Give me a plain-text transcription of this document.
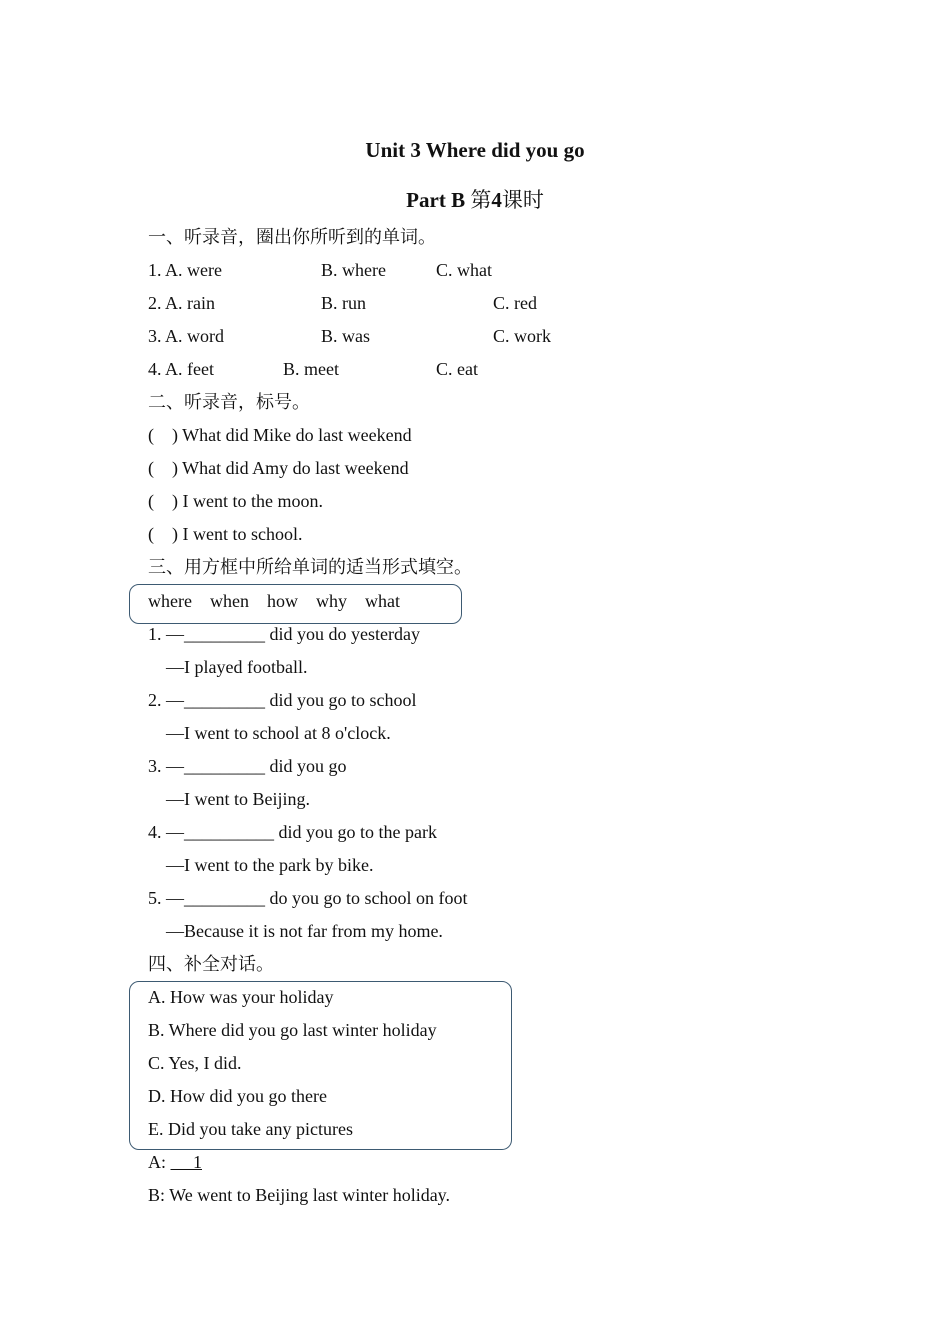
Unit 3 Where did you go
Part B 第4课时
一、听录音，圈出你所听到的单词。
1. A. were	B. where	C. what
2. A. rain	B. run	C. red
3. A. word	B. was	C. work
4. A. feet	B. meet	C. eat
二、听录音，标号。
(    ) What did Mike do last weekend
(    ) What did Amy do last weekend
(    ) I went to the moon.
(    ) I went to school.
三、用方框中所给单词的适当形式填空。
where    when    how    why    what
1. —_________ did you do yesterday
—I played football.
2. —_________ did you go to school
—I went to school at 8 o'clock.
3. —_________ did you go
—I went to Beijing.
4. —__________ did you go to the park
—I went to the park by bike.
5. —_________ do you go to school on foot
—Because it is not far from my home.
四、补全对话。
A. How was your holiday
B. Where did you go last winter holiday
C. Yes, I did.
D. How did you go there
E. Did you take any pictures
A:      1
B: We went to Beijing last winter holiday.
